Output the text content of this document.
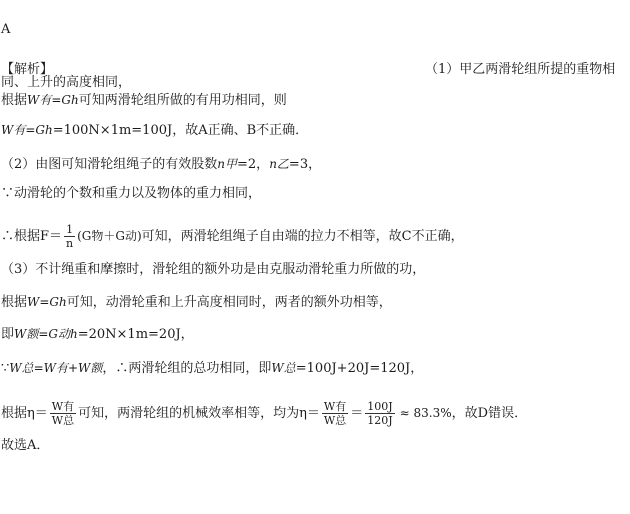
A
【解析】	（1）甲乙两滑轮组所提的重物相
同、上升的高度相同，
根据W有=Gh可知两滑轮组所做的有用功相同，则
W有=Gh=100N×1m=100J，故A正确、B不正确．
（2）由图可知滑轮组绳子的有效股数n甲=2，n乙=3，
∵动滑轮的个数和重力以及物体的重力相同，
∴根据$F= \frac{1}{n} (G$物＋G动)可知，两滑轮组绳子自由端的拉力不相等，故C不正确，
（3）不计绳重和摩擦时，滑轮组的额外功是由克服动滑轮重力所做的功，
根据W=Gh可知，动滑轮重和上升高度相同时，两者的额外功相等，
即W额=G动h=20N×1m=20J，
∵W总=W有+W额，∴两滑轮组的总功相同，即W总=100J+20J=120J，
根据$\eta= \frac{\text{W有}}{\text{W总}}$ 可知，两滑轮组的机械效率相等，均为$\eta= \frac{\text{W有}}{\text{W总}} = \frac{100J}{120J} \approx 83.3\%$，故D错误．
故选A．
